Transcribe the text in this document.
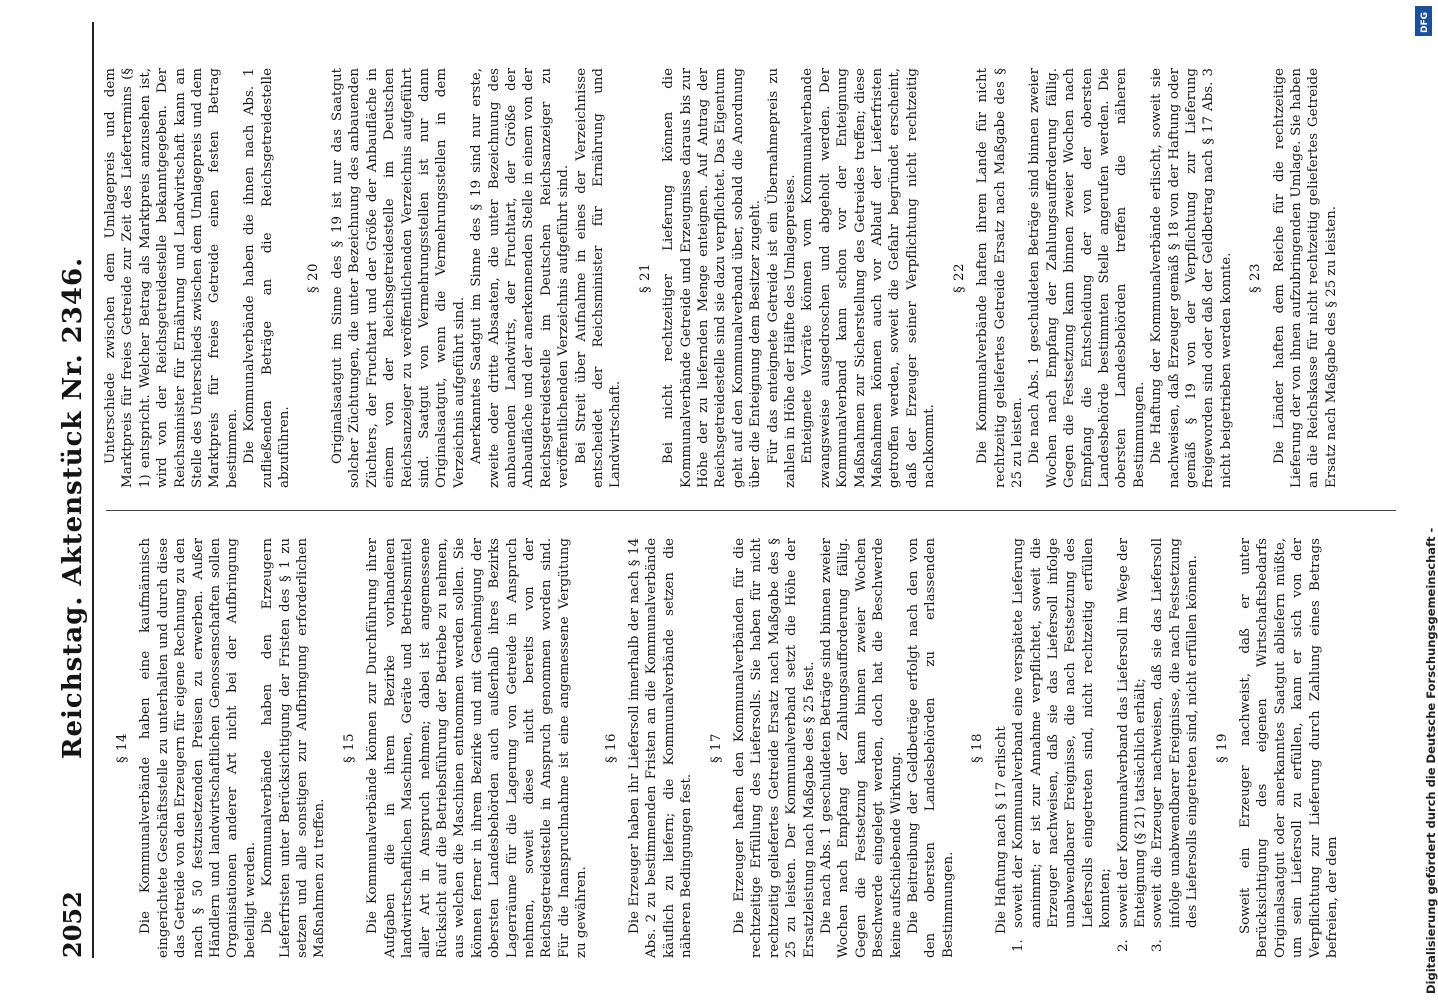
2052
Reichstag. Aktenstück Nr. 2346. § 14 Die Kommunalverbände haben eine kaufmännisch eingerichtete Geschäftsstelle zu unterhalten und durch diese das Getreide von den Erzeugern für eigene Rechnung zu den nach § 50 festzusetzenden Preisen zu erwerben. Außer Händlern und landwirtschaftlichen Genossenschaften sollen Organisationen anderer Art nicht bei der Aufbringung beteiligt werden. Die Kommunalverbände haben den Erzeugern Lieferfristen unter Berücksichtigung der Fristen des § 1 zu setzen und alle sonstigen zur Aufbringung erforderlichen Maßnahmen zu treffen.

§ 15 Die Kommunalverbände können zur Durchführung ihrer Aufgaben die in ihrem Bezirke vorhandenen landwirtschaftlichen Maschinen, Geräte und Betriebsmittel aller Art in Anspruch nehmen; dabei ist angemessene Rücksicht auf die Betriebsführung der Betriebe zu nehmen, aus welchen die Maschinen entnommen werden sollen. Sie können ferner in ihrem Bezirke und mit Genehmigung der obersten Landesbehörden auch außerhalb ihres Bezirks Lagerräume für die Lagerung von Getreide in Anspruch nehmen, soweit diese nicht bereits von der Reichsgetreidestelle in Anspruch genommen worden sind. Für die Inanspruchnahme ist eine angemessene Vergütung zu gewähren.

§ 16 Die Erzeuger haben ihr Liefersoll innerhalb der nach § 14 Abs. 2 zu bestimmenden Fristen an die Kommunalverbände käuflich zu liefern; die Kommunalverbände setzen die näheren Bedingungen fest.

§ 17 Die Erzeuger haften den Kommunalverbänden für die rechtzeitige Erfüllung des Liefersolls. Sie haben für nicht rechtzeitig geliefertes Getreide Ersatz nach Maßgabe des § 25 zu leisten. Der Kommunalverband setzt die Höhe der Ersatzleistung nach Maßgabe des § 25 fest. Die nach Abs. 1 geschuldeten Beträge sind binnen zweier Wochen nach Empfang der Zahlungsaufforderung fällig. Gegen die Festsetzung kann binnen zweier Wochen Beschwerde eingelegt werden, doch hat die Beschwerde keine aufschiebende Wirkung. Die Beitreibung der Geldbeträge erfolgt nach den von den obersten Landesbehörden zu erlassenden Bestimmungen.

§ 18 Die Haftung nach § 17 erlischt

1.
soweit der Kommunalverband eine verspätete Lieferung annimmt; er ist zur Annahme verpflichtet, soweit die Erzeuger nachweisen, daß sie das Liefersoll infolge unabwendbarer Ereignisse, die nach Festsetzung des Liefersolls eingetreten sind, nicht rechtzeitig erfüllen konnten;
2.
soweit der Kommunalverband das Liefersoll im Wege der Enteignung (§ 21) tatsächlich erhält;
3.
soweit die Erzeuger nachweisen, daß sie das Liefersoll infolge unabwendbarer Ereignisse, die nach Festsetzung des Liefersolls eingetreten sind, nicht erfüllen können. § 19 Soweit ein Erzeuger nachweist, daß er unter Berücksichtigung des eigenen Wirtschaftsbedarfs Originalsaatgut oder anerkanntes Saatgut abliefern müßte, um sein Liefersoll zu erfüllen, kann er sich von der Verpflichtung zur Lieferung durch Zahlung eines Betrags befreien, der dem

Unterschiede zwischen dem Umlagepreis und dem Marktpreis für freies Getreide zur Zeit des Liefertermins (§ 1) entspricht. Welcher Betrag als Marktpreis anzusehen ist, wird von der Reichsgetreidestelle bekanntgegeben. Der Reichsminister für Ernährung und Landwirtschaft kann an Stelle des Unterschieds zwischen dem Umlagepreis und dem Marktpreis für freies Getreide einen festen Betrag bestimmen. Die Kommunalverbände haben die ihnen nach Abs. 1 zufließenden Beträge an die Reichsgetreidestelle abzuführen.

§ 20 Originalsaatgut im Sinne des § 19 ist nur das Saatgut solcher Züchtungen, die unter Bezeichnung des anbauenden Züchters, der Fruchtart und der Größe der Anbaufläche in einem von der Reichsgetreidestelle im Deutschen Reichsanzeiger zu veröffentlichenden Verzeichnis aufgeführt sind. Saatgut von Vermehrungsstellen ist nur dann Originalsaatgut, wenn die Vermehrungsstellen in dem Verzeichnis aufgeführt sind. Anerkanntes Saatgut im Sinne des § 19 sind nur erste, zweite oder dritte Absaaten, die unter Bezeichnung des anbauenden Landwirts, der Fruchtart, der Größe der Anbaufläche und der anerkennenden Stelle in einem von der Reichsgetreidestelle im Deutschen Reichsanzeiger zu veröffentlichenden Verzeichnis aufgeführt sind. Bei Streit über Aufnahme in eines der Verzeichnisse entscheidet der Reichsminister für Ernährung und Landwirtschaft.

§ 21 Bei nicht rechtzeitiger Lieferung können die Kommunalverbände Getreide und Erzeugnisse daraus bis zur Höhe der zu liefernden Menge enteignen. Auf Antrag der Reichsgetreidestelle sind sie dazu verpflichtet. Das Eigentum geht auf den Kommunalverband über, sobald die Anordnung über die Enteignung dem Besitzer zugeht. Für das enteignete Getreide ist ein Übernahmepreis zu zahlen in Höhe der Hälfte des Umlagepreises. Enteignete Vorräte können vom Kommunalverbande zwangsweise ausgedroschen und abgeholt werden. Der Kommunalverband kann schon vor der Enteignung Maßnahmen zur Sicherstellung des Getreides treffen; diese Maßnahmen können auch vor Ablauf der Lieferfristen getroffen werden, soweit die Gefahr begründet erscheint, daß der Erzeuger seiner Verpflichtung nicht rechtzeitig nachkommt.

§ 22 Die Kommunalverbände haften ihrem Lande für nicht rechtzeitig geliefertes Getreide Ersatz nach Maßgabe des § 25 zu leisten. Die nach Abs. 1 geschuldeten Beträge sind binnen zweier Wochen nach Empfang der Zahlungsaufforderung fällig. Gegen die Festsetzung kann binnen zweier Wochen nach Empfang die Entscheidung der von der obersten Landesbehörde bestimmten Stelle angerufen werden. Die obersten Landesbehörden treffen die näheren Bestimmungen. Die Haftung der Kommunalverbände erlischt, soweit sie nachweisen, daß Erzeuger gemäß § 18 von der Haftung oder gemäß § 19 von der Verpflichtung zur Lieferung freigeworden sind oder daß der Geldbetrag nach § 17 Abs. 3 nicht beigetrieben werden konnte. § 23 Die Länder haften dem Reiche für die rechtzeitige Lieferung der von ihnen aufzubringenden Umlage. Sie haben an die Reichskasse für nicht rechtzeitig geliefertes Getreide Ersatz nach Maßgabe des § 25 zu leisten.

Digitalisierung gefördert durch die Deutsche Forschungsgemeinschaft -
DFG
